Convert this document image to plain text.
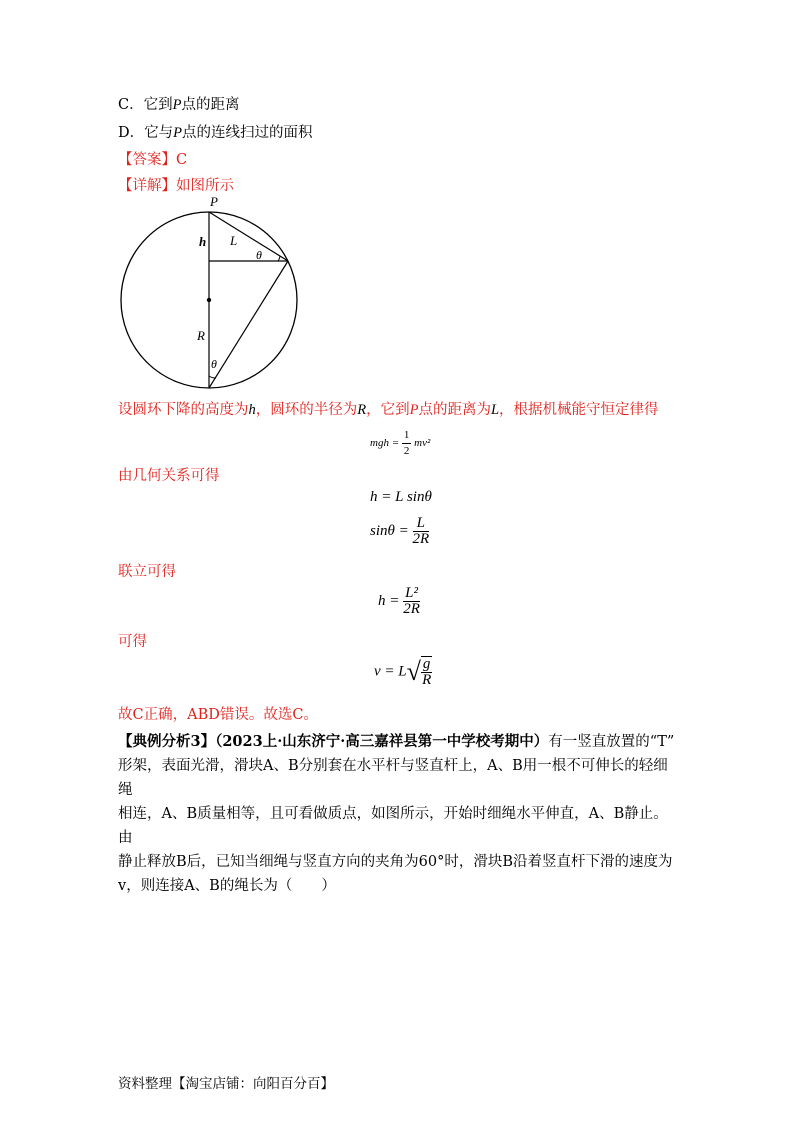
C．它到P点的距离
D．它与P点的连线扫过的面积
【答案】C
【详解】如图所示
P
h L
θ
R
θ
设圆环下降的高度为h，圆环的半径为R，它到P点的距离为L，根据机械能守恒定律得
mgh = $\frac{1}{2} mv^2$
由几何关系可得
h = L sinθ
$\sin\theta = \frac{L}{2R}$
联立可得
$h = \frac{\text{L²}}{2R}$
可得
$v = L√ \frac{g}{R}$
故C正确，ABD错误。故选C。
【典例分析3】（2023上·山东济宁·高三嘉祥县第一中学校考期中）有一竖直放置的“T”
形架，表面光滑，滑块A、B分别套在水平杆与竖直杆上，A、B用一根不可伸长的轻细绳
相连，A、B质量相等，且可看做质点，如图所示，开始时细绳水平伸直，A、B静止。由
静止释放B后，已知当细绳与竖直方向的夹角为60°时，滑块B沿着竖直杆下滑的速度为
v，则连接A、B的绳长为（　　）
资料整理【淘宝店铺：向阳百分百】
